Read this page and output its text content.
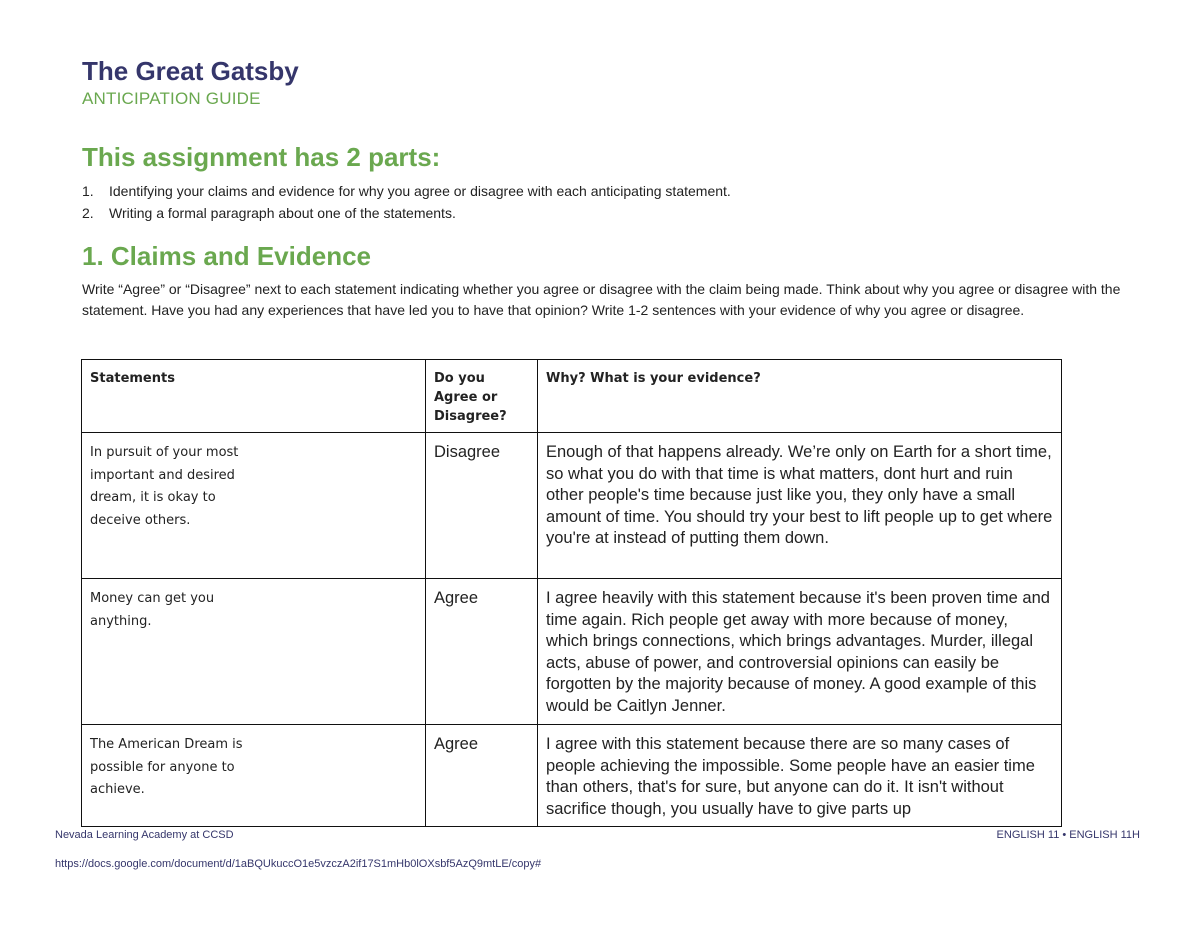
The Great Gatsby
ANTICIPATION GUIDE
This assignment has 2 parts:
1.	Identifying your claims and evidence for why you agree or disagree with each anticipating statement.
2.	Writing a formal paragraph about one of the statements.
1. Claims and Evidence

Write “Agree” or “Disagree” next to each statement indicating whether you agree or disagree with the claim being made. Think about why you agree or disagree with the statement. Have you had any experiences that have led you to have that opinion? Write 1-2 sentences with your evidence of why you agree or disagree.

Statements	Do you Agree or Disagree?	Why? What is your evidence?
In pursuit of your most important and desired dream, it is okay to deceive others.	Disagree	Enough of that happens already. We’re only on Earth for a short time, so what you do with that time is what matters, dont hurt and ruin other people's time because just like you, they only have a small amount of time. You should try your best to lift people up to get where you're at instead of putting them down.
Money can get you anything.	Agree	I agree heavily with this statement because it's been proven time and time again. Rich people get away with more because of money, which brings connections, which brings advantages. Murder, illegal acts, abuse of power, and controversial opinions can easily be forgotten by the majority because of money. A good example of this would be Caitlyn Jenner.
The American Dream is possible for anyone to achieve.	Agree	I agree with this statement because there are so many cases of people achieving the impossible. Some people have an easier time than others, that's for sure, but anyone can do it. It isn't without sacrifice though, you usually have to give parts up
Nevada Learning Academy at CCSD	ENGLISH 11 • ENGLISH 11H
https://docs.google.com/document/d/1aBQUkuccO1e5vzczA2if17S1mHb0lOXsbf5AzQ9mtLE/copy#
